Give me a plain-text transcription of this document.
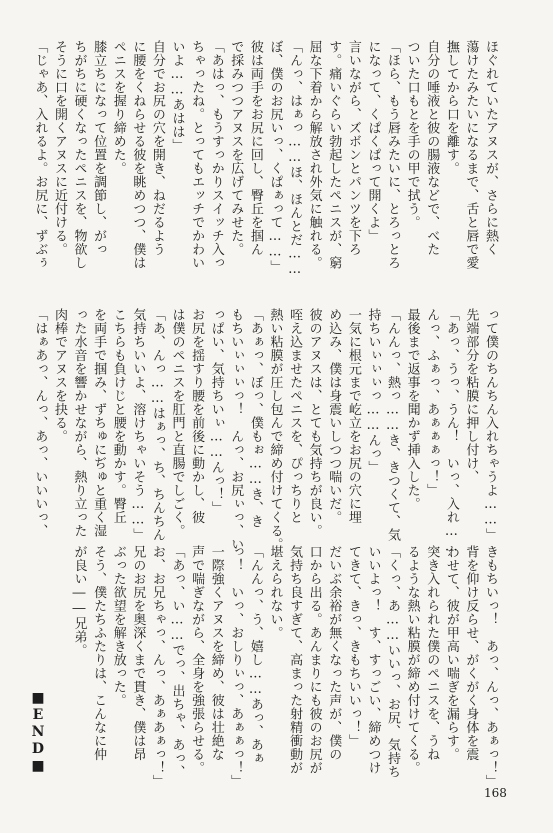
ほぐれていたアヌスが、さらに熱く
蕩けたみたいになるまで、舌と唇で愛
撫してから口を離す。
自分の唾液と彼の腸液などで、べた
ついた口もとを手の甲で拭う。
「ほら、もう唇みたいに、とろっとろ
になって、くぱくぱって開くよ」
言いながら、ズボンとパンツを下ろ
す。痛いぐらい勃起したペニスが、窮
屈な下着から解放され外気に触れる。
「んっ、はぁっ……ほ、ほんとだ……
ぼ、僕のお尻いっ、くぱぁって……」
彼は両手をお尻に回し、臀丘を掴ん
で採みつつアヌスを広げてみせた。
「あはっ、もうすっかりスイッチ入っ
ちゃったね。とってもエッチでかわい
いよ……あはは」
自分でお尻の穴を開き、ねだるよう
に腰をくねらせる彼を眺めつつ、僕は
ペニスを握り締めた。
膝立ちになって位置を調節し、がっ
ちがちに硬くなったペニスを、物欲し
そうに口を開くアヌスに近付ける。
「じゃあ、入れるよ。お尻に、ずぶぅ
って僕のちんちん入れちゃうよ……」
先端部分を粘膜に押し付け、
「あっ、うっ、うん！　いっ、入れ……
んっ、ふぁっ、あぁぁぁっ！」
最後まで返事を聞かず挿入した。
「んんっ、熱っ……き、きつくて、気
持ちいぃぃぃっ……んっ」
一気に根元まで屹立をお尻の穴に埋
め込み、僕は身震いしつつ喘いだ。
彼のアヌスは、とても気持ちが良い。
咥え込ませたペニスを、ぴっちりと
熱い粘膜が圧し包んで締め付けてくる。
「あぁっ、ぼっ、僕もぉ……き、き
もちいぃぃぃっ！　んっ、お尻ぃっ、い
っぱい、気持ちいぃ……んっ！」
お尻を揺すり腰を前後に動かし、彼
は僕のペニスを肛門と直腸でしごく。
「あ、んっ……はぁっ、ち、ちんちん
気持ちいいよ、溶けちゃいそう……」
こちらも負けじと腰を動かす。臀丘
を両手で掴み、ずちゅにぢゅと重く湿
った水音を響かせながら、熱り立った
肉棒でアヌスを抉る。
「はぁあっ、んっ、あっ、いいいっ、
きもちいっ！　あっ、んっ、あぁっ！」
背を仰け反らせ、がくがく身体を震
わせて、彼が甲高い喘ぎを漏らす。
突き入れられた僕のペニスを、うね
るような熱い粘膜が締め付けてくる。
「くっ、あ……いいっ、お尻、気持ち
いいよっ！　す、すっごい、締めつけ
てきて、きっ、きもちいいっ！」
だいぶ余裕が無くなった声が、僕の
口から出る。あんまりにも彼のお尻が
気持ち良すぎて、高まった射精衝動が
堪えられない。
「んんっ、う、嬉し……あっ、あぁ
っ！　いっ、おしりぃっ、あぁぁっ！」
一際強くアヌスを締め、彼は壮絶な
声で喘ぎながら、全身を強張らせる。
「あっ、い……でっ、出ちゃ、あっ、
お、お兄ちゃっ、んっ、あぁあぁっ！」
兄のお尻を奥深くまで貫き、僕は昂
ぶった欲望を解き放った。
そう、僕たちふたりは、こんなに仲
が良い――兄弟。
■END■
168
